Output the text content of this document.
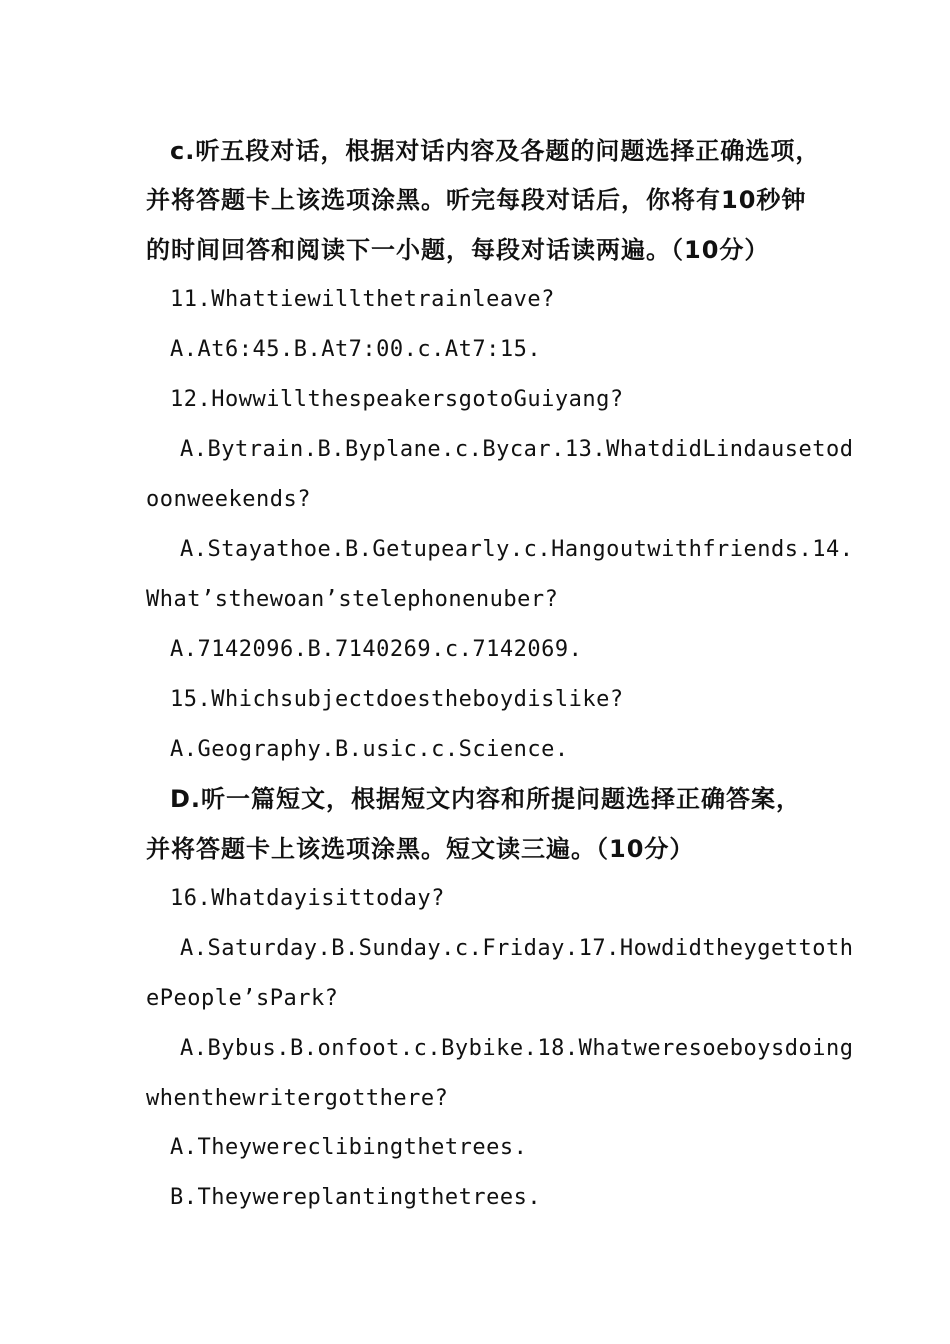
c.听五段对话，根据对话内容及各题的问题选择正确选项，
并将答题卡上该选项涂黑。听完每段对话后，你将有10秒钟
的时间回答和阅读下一小题，每段对话读两遍。（10分）
11.Whattiewillthetrainleave?
A.At6:45.B.At7:00.c.At7:15.
12.HowwillthespeakersgotoGuiyang?
A.Bytrain.B.Byplane.c.Bycar.13.WhatdidLindausetod
oonweekends?
A.Stayathoe.B.Getupearly.c.Hangoutwithfriends.14.
What’sthewoan’stelephonenuber?
A.7142096.B.7140269.c.7142069.
15.Whichsubjectdoestheboydislike?
A.Geography.B.usic.c.Science.
D.听一篇短文，根据短文内容和所提问题选择正确答案，
并将答题卡上该选项涂黑。短文读三遍。（10分）
16.Whatdayisittoday?
A.Saturday.B.Sunday.c.Friday.17.Howdidtheygettoth
ePeople’sPark?
A.Bybus.B.onfoot.c.Bybike.18.Whatweresoeboysdoing
whenthewritergotthere?
A.Theywereclibingthetrees.
B.Theywereplantingthetrees.
